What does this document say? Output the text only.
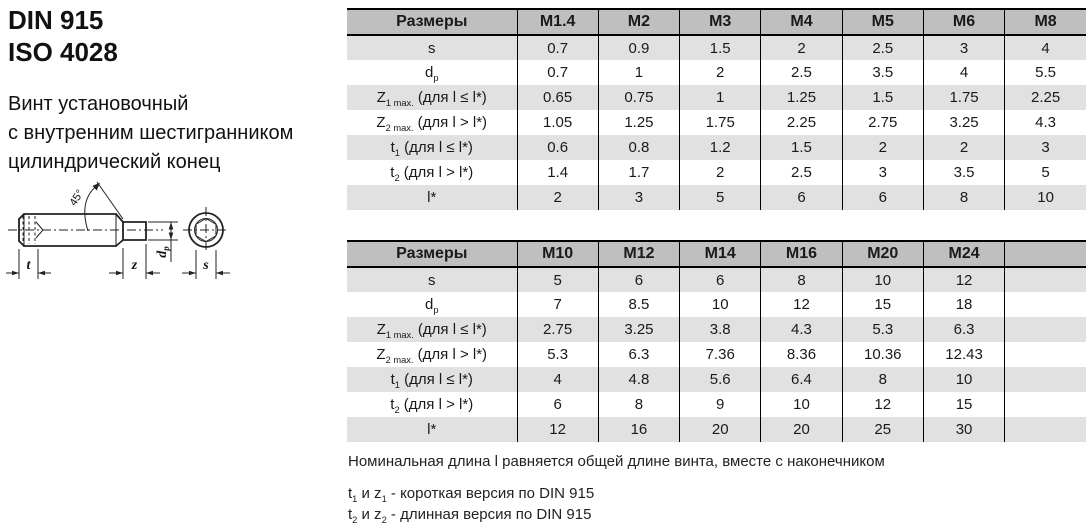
DIN 915
ISO 4028
Винт установочный
с внутренним шестигранником
цилиндрический конец
45°
$d_p$
t	z	s
Размеры	M1.4	M2	M3	M4	M5	M6	M8
s	0.7	0.9	1.5	2	2.5	3	4
$d_p$	0.7	1	2	2.5	3.5	4	5.5
$Z_{1 max.}$ (для l ≤ l*)	0.65	0.75	1	1.25	1.5	1.75	2.25
$Z_{2 max.}$ (для l > l*)	1.05	1.25	1.75	2.25	2.75	3.25	4.3
$t_1$ (для l ≤ l*)	0.6	0.8	1.2	1.5	2	2	3
$t_2$ (для l > l*)	1.4	1.7	2	2.5	3	3.5	5
l*	2	3	5	6	6	8	10
Размеры	M10	M12	M14	M16	M20	M24	
s	5	6	6	8	10	12	
$d_p$	7	8.5	10	12	15	18	
$Z_{1 max.}$ (для l ≤ l*)	2.75	3.25	3.8	4.3	5.3	6.3	
$Z_{2 max.}$ (для l > l*)	5.3	6.3	7.36	8.36	10.36	12.43	
$t_1$ (для l ≤ l*)	4	4.8	5.6	6.4	8	10	
$t_2$ (для l > l*)	6	8	9	10	12	15	
l*	12	16	20	20	25	30	

Номинальная длина l равняется общей длине винта, вместе с наконечником

$t_1$ и $z_1$ - короткая версия по DIN 915

$t_2$ и $z_2$ - длинная версия по DIN 915
